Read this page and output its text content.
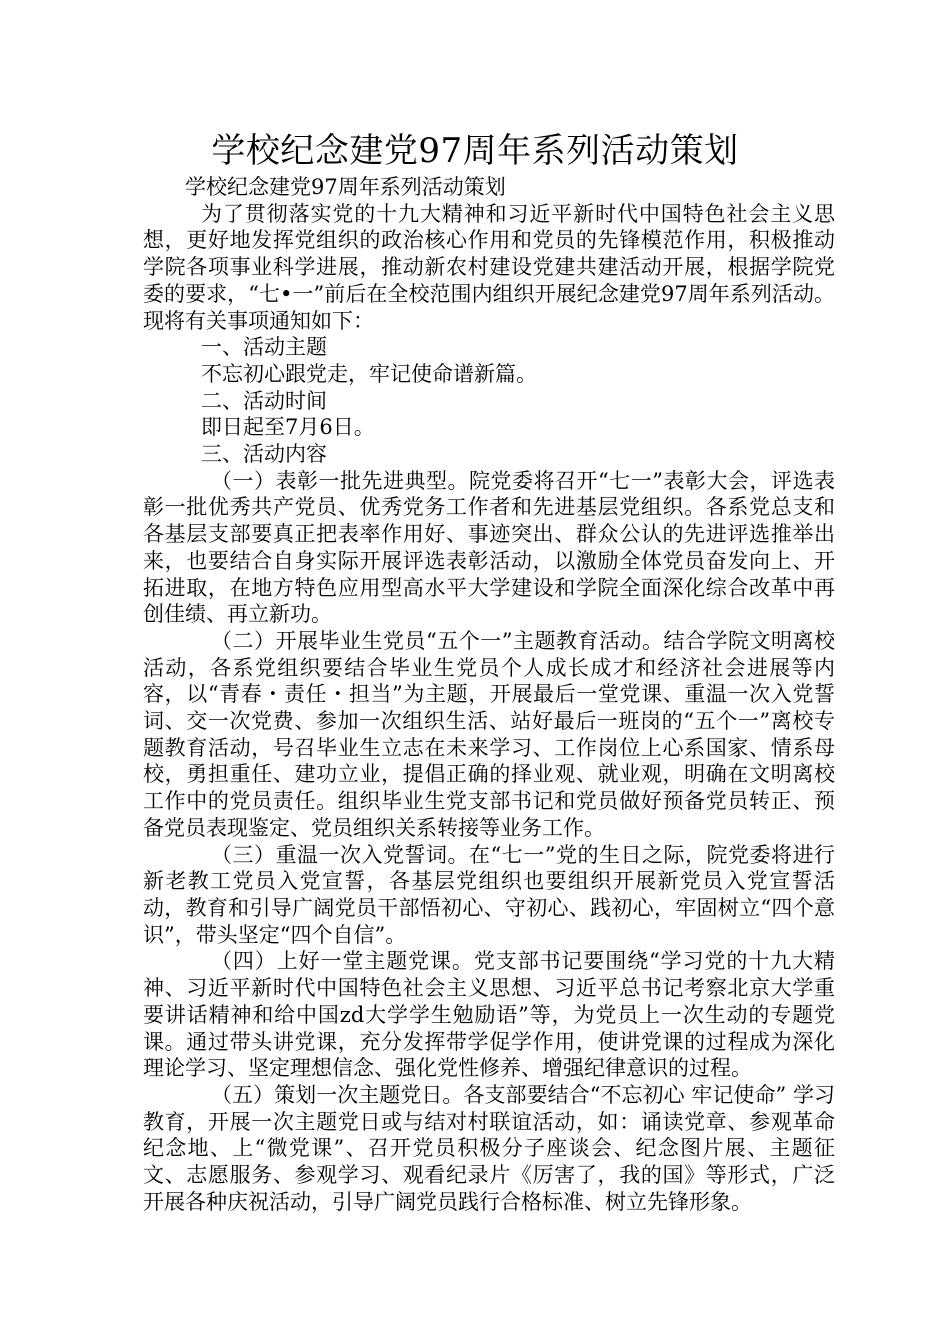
学校纪念建党97周年系列活动策划

学校纪念建党97周年系列活动策划

为了贯彻落实党的十九大精神和习近平新时代中国特色社会主义思想，更好地发挥党组织的政治核心作用和党员的先锋模范作用，积极推动学院各项事业科学进展，推动新农村建设党建共建活动开展，根据学院党委的要求，“七•一”前后在全校范围内组织开展纪念建党97周年系列活动。现将有关事项通知如下：

一、活动主题

不忘初心跟党走，牢记使命谱新篇。

二、活动时间

即日起至7月6日。

三、活动内容

（一）表彰一批先进典型。院党委将召开“七一”表彰大会，评选表彰一批优秀共产党员、优秀党务工作者和先进基层党组织。各系党总支和各基层支部要真正把表率作用好、事迹突出、群众公认的先进评选推举出来，也要结合自身实际开展评选表彰活动，以激励全体党员奋发向上、开拓进取，在地方特色应用型高水平大学建设和学院全面深化综合改革中再创佳绩、再立新功。

（二）开展毕业生党员“五个一”主题教育活动。结合学院文明离校活动，各系党组织要结合毕业生党员个人成长成才和经济社会进展等内容，以“青春・责任・担当”为主题，开展最后一堂党课、重温一次入党誓词、交一次党费、参加一次组织生活、站好最后一班岗的“五个一”离校专题教育活动，号召毕业生立志在未来学习、工作岗位上心系国家、情系母校，勇担重任、建功立业，提倡正确的择业观、就业观，明确在文明离校工作中的党员责任。组织毕业生党支部书记和党员做好预备党员转正、预备党员表现鉴定、党员组织关系转接等业务工作。

（三）重温一次入党誓词。在“七一”党的生日之际，院党委将进行新老教工党员入党宣誓，各基层党组织也要组织开展新党员入党宣誓活动，教育和引导广阔党员干部悟初心、守初心、践初心，牢固树立“四个意识”，带头坚定“四个自信”。

（四）上好一堂主题党课。党支部书记要围绕“学习党的十九大精神、习近平新时代中国特色社会主义思想、习近平总书记考察北京大学重要讲话精神和给中国zd大学学生勉励语”等，为党员上一次生动的专题党课。通过带头讲党课，充分发挥带学促学作用，使讲党课的过程成为深化理论学习、坚定理想信念、强化党性修养、增强纪律意识的过程。

（五）策划一次主题党日。各支部要结合“不忘初心 牢记使命” 学习教育，开展一次主题党日或与结对村联谊活动，如：诵读党章、参观革命纪念地、上“微党课”、召开党员积极分子座谈会、纪念图片展、主题征文、志愿服务、参观学习、观看纪录片《厉害了，我的国》等形式，广泛开展各种庆祝活动，引导广阔党员践行合格标准、树立先锋形象。
